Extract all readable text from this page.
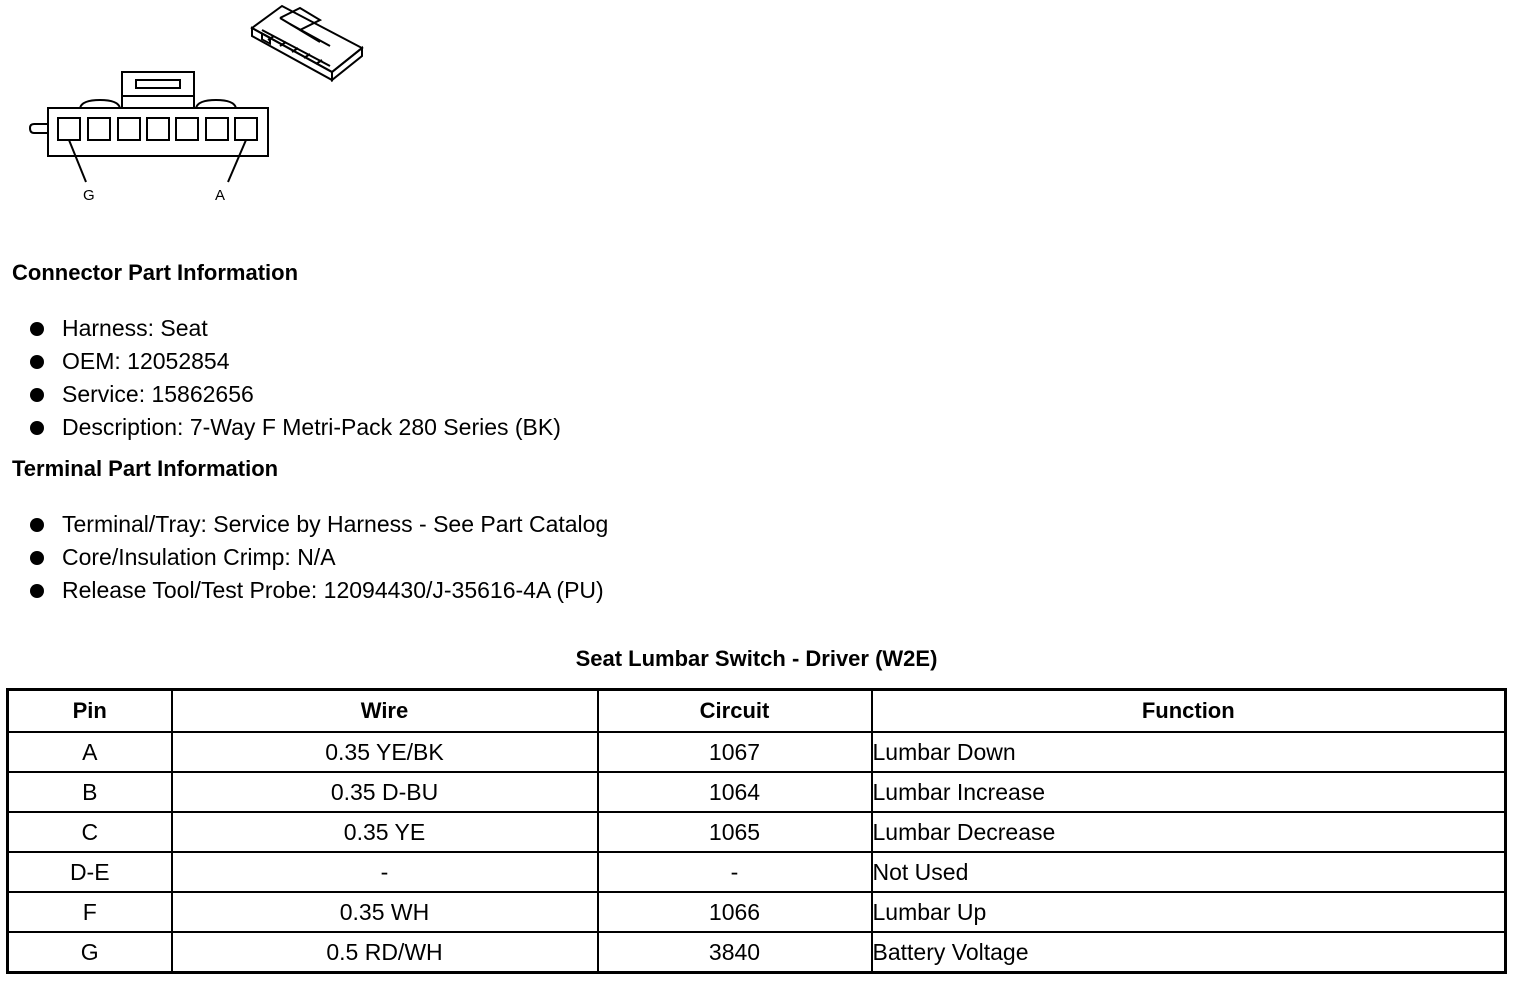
G	A
Connector Part Information
Harness: Seat
OEM: 12052854
Service: 15862656
Description: 7-Way F Metri-Pack 280 Series (BK)
Terminal Part Information
Terminal/Tray: Service by Harness - See Part Catalog
Core/Insulation Crimp: N/A
Release Tool/Test Probe: 12094430/J-35616-4A (PU)
Seat Lumbar Switch - Driver (W2E)
Pin	Wire	Circuit	Function
A	0.35 YE/BK	1067	Lumbar Down
B	0.35 D-BU	1064	Lumbar Increase
C	0.35 YE	1065	Lumbar Decrease
D-E	-	-	Not Used
F	0.35 WH	1066	Lumbar Up
G	0.5 RD/WH	3840	Battery Voltage
